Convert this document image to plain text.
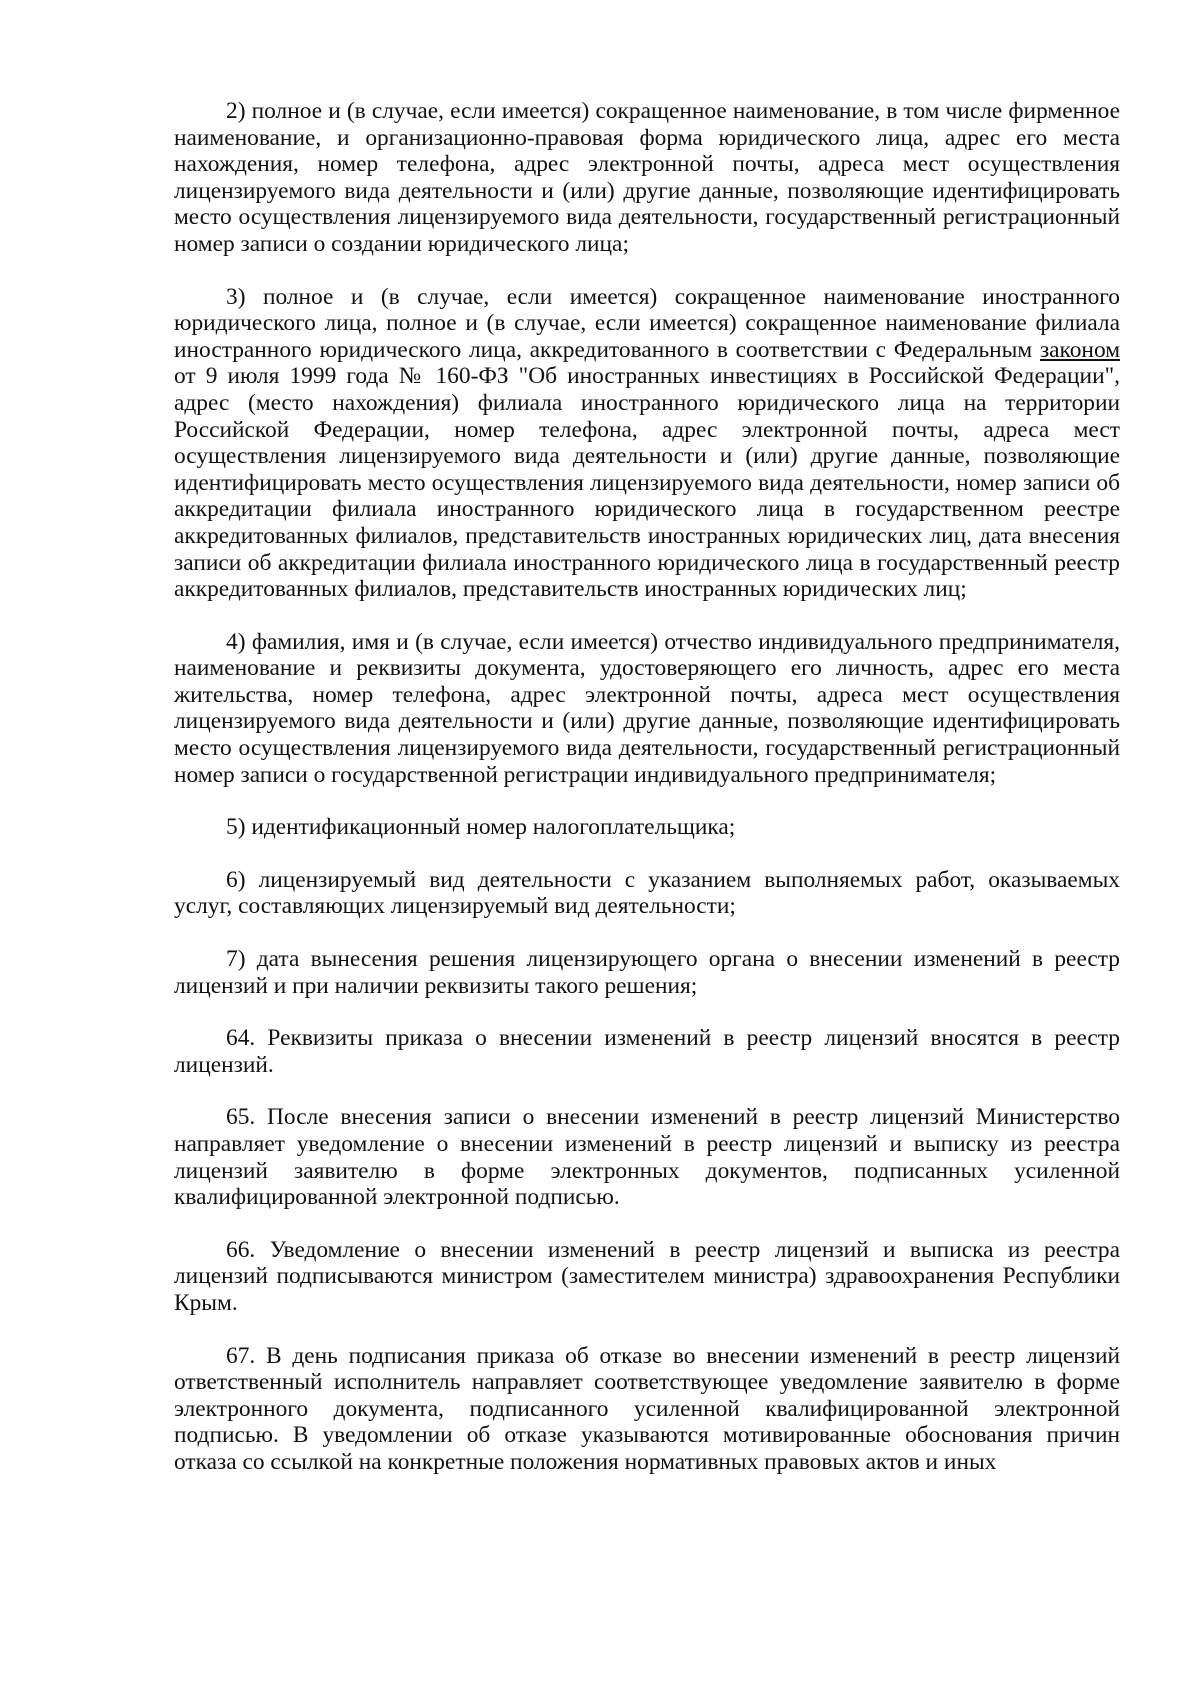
2) полное и (в случае, если имеется) сокращенное наименование, в том числе фирменное наименование, и организационно-правовая форма юридического лица, адрес его места нахождения, номер телефона, адрес электронной почты, адреса мест осуществления лицензируемого вида деятельности и (или) другие данные, позволяющие идентифицировать место осуществления лицензируемого вида деятельности, государственный регистрационный номер записи о создании юридического лица;

3) полное и (в случае, если имеется) сокращенное наименование иностранного юридического лица, полное и (в случае, если имеется) сокращенное наименование филиала иностранного юридического лица, аккредитованного в соответствии с Федеральным законом от 9 июля 1999 года № 160-ФЗ "Об иностранных инвестициях в Российской Федерации", адрес (место нахождения) филиала иностранного юридического лица на территории Российской Федерации, номер телефона, адрес электронной почты, адреса мест осуществления лицензируемого вида деятельности и (или) другие данные, позволяющие идентифицировать место осуществления лицензируемого вида деятельности, номер записи об аккредитации филиала иностранного юридического лица в государственном реестре аккредитованных филиалов, представительств иностранных юридических лиц, дата внесения записи об аккредитации филиала иностранного юридического лица в государственный реестр аккредитованных филиалов, представительств иностранных юридических лиц;

4) фамилия, имя и (в случае, если имеется) отчество индивидуального предпринимателя, наименование и реквизиты документа, удостоверяющего его личность, адрес его места жительства, номер телефона, адрес электронной почты, адреса мест осуществления лицензируемого вида деятельности и (или) другие данные, позволяющие идентифицировать место осуществления лицензируемого вида деятельности, государственный регистрационный номер записи о государственной регистрации индивидуального предпринимателя;

5) идентификационный номер налогоплательщика;

6) лицензируемый вид деятельности с указанием выполняемых работ, оказываемых услуг, составляющих лицензируемый вид деятельности;

7) дата вынесения решения лицензирующего органа о внесении изменений в реестр лицензий и при наличии реквизиты такого решения;

64. Реквизиты приказа о внесении изменений в реестр лицензий вносятся в реестр лицензий.

65. После внесения записи о внесении изменений в реестр лицензий Министерство направляет уведомление о внесении изменений в реестр лицензий и выписку из реестра лицензий заявителю в форме электронных документов, подписанных усиленной квалифицированной электронной подписью.

66. Уведомление о внесении изменений в реестр лицензий и выписка из реестра лицензий подписываются министром (заместителем министра) здравоохранения Республики Крым.

67. В день подписания приказа об отказе во внесении изменений в реестр лицензий ответственный исполнитель направляет соответствующее уведомление заявителю в форме электронного документа, подписанного усиленной квалифицированной электронной подписью. В уведомлении об отказе указываются мотивированные обоснования причин отказа со ссылкой на конкретные положения нормативных правовых актов и иных
